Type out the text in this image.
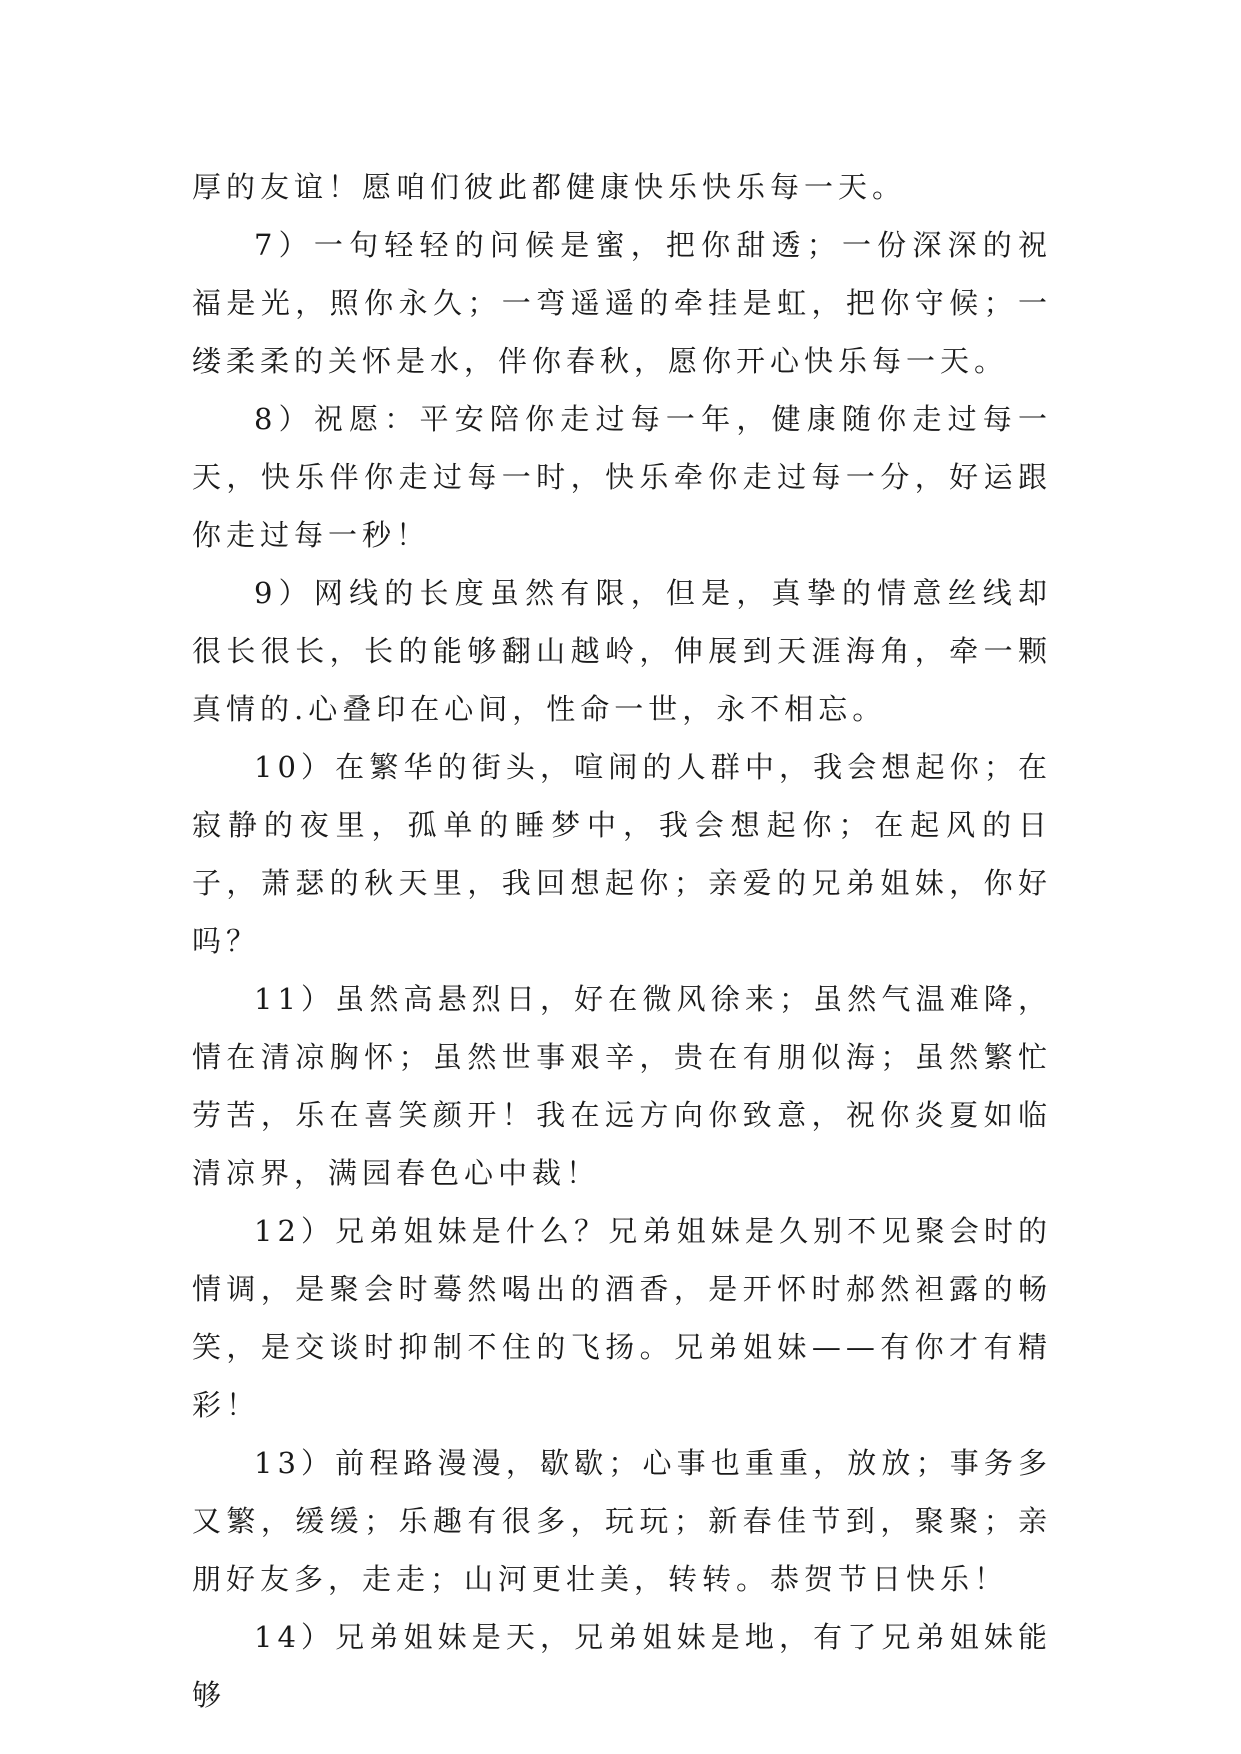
厚的友谊！愿咱们彼此都健康快乐快乐每一天。

7）一句轻轻的问候是蜜，把你甜透；一份深深的祝福是光，照你永久；一弯遥遥的牵挂是虹，把你守候；一缕柔柔的关怀是水，伴你春秋，愿你开心快乐每一天。

8）祝愿：平安陪你走过每一年，健康随你走过每一天，快乐伴你走过每一时，快乐牵你走过每一分，好运跟你走过每一秒！

9）网线的长度虽然有限，但是，真挚的情意丝线却很长很长，长的能够翻山越岭，伸展到天涯海角，牵一颗真情的.心叠印在心间，性命一世，永不相忘。

10）在繁华的街头，喧闹的人群中，我会想起你；在寂静的夜里，孤单的睡梦中，我会想起你；在起风的日子，萧瑟的秋天里，我回想起你；亲爱的兄弟姐妹，你好吗？

11）虽然高悬烈日，好在微风徐来；虽然气温难降，情在清凉胸怀；虽然世事艰辛，贵在有朋似海；虽然繁忙劳苦，乐在喜笑颜开！我在远方向你致意，祝你炎夏如临清凉界，满园春色心中裁！

12）兄弟姐妹是什么？兄弟姐妹是久别不见聚会时的情调，是聚会时蓦然喝出的酒香，是开怀时郝然袒露的畅笑，是交谈时抑制不住的飞扬。兄弟姐妹——有你才有精彩！

13）前程路漫漫，歇歇；心事也重重，放放；事务多又繁，缓缓；乐趣有很多，玩玩；新春佳节到，聚聚；亲朋好友多，走走；山河更壮美，转转。恭贺节日快乐！

14）兄弟姐妹是天，兄弟姐妹是地，有了兄弟姐妹能够
